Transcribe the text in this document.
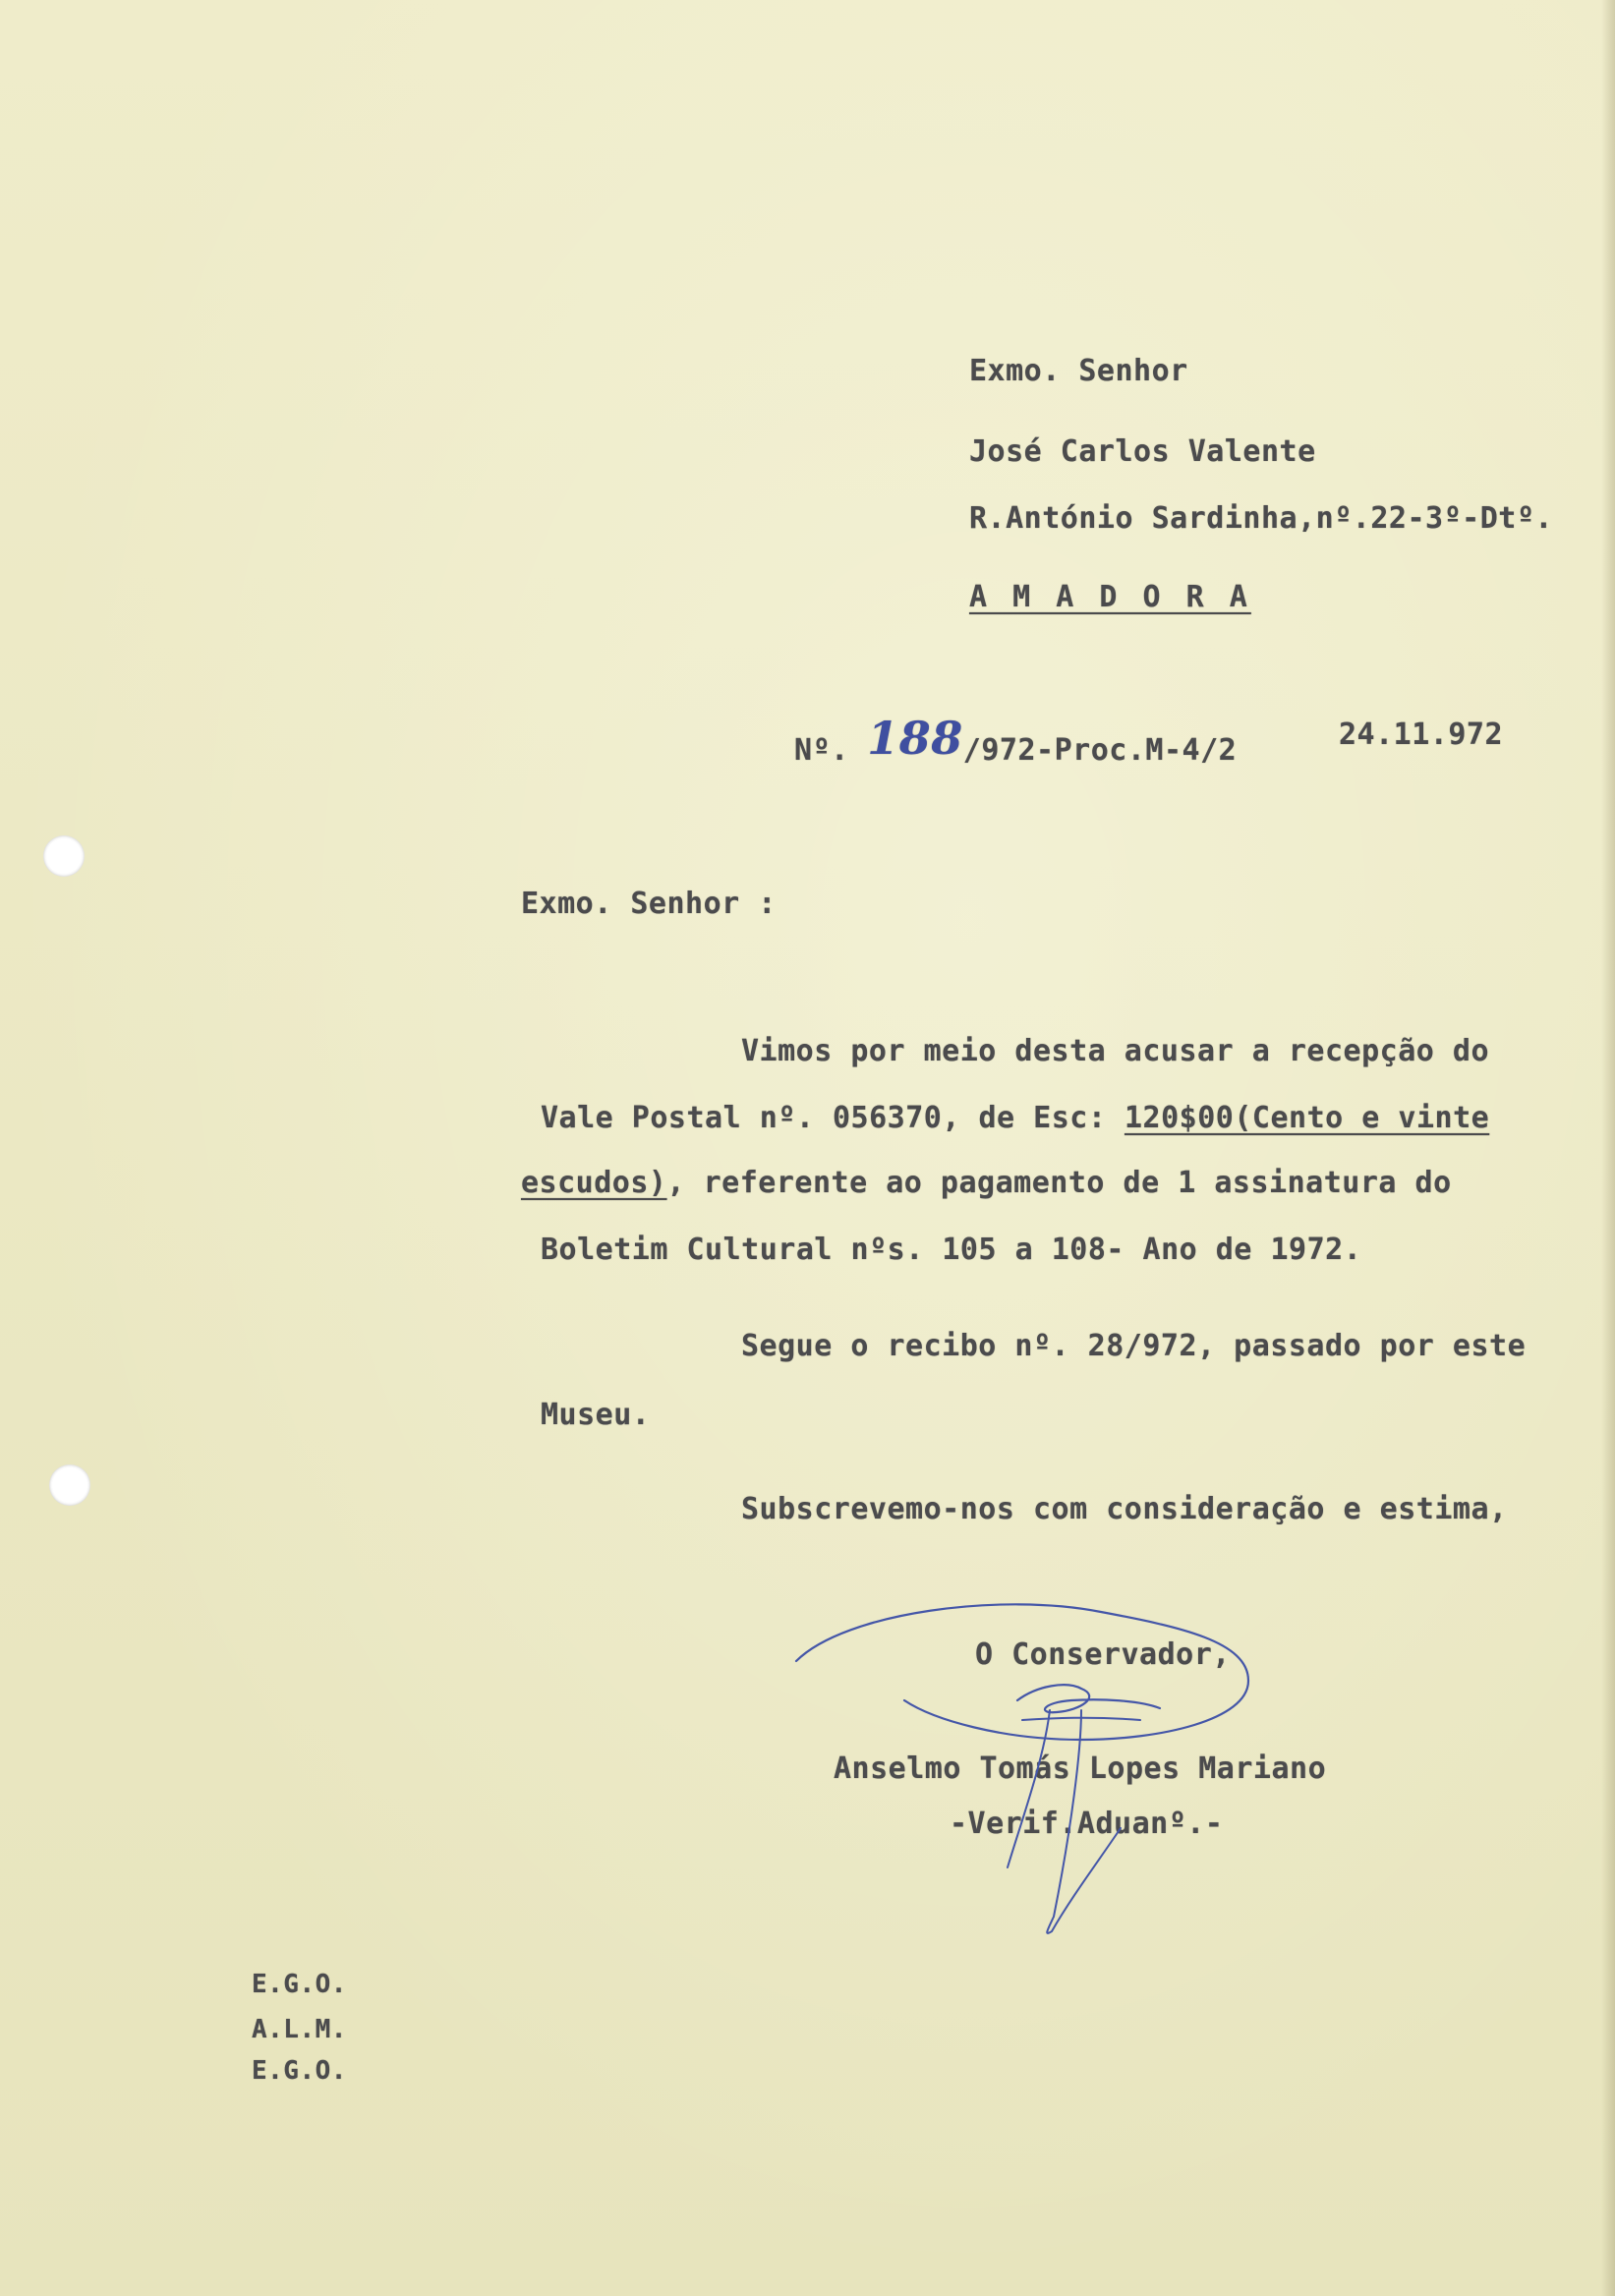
Exmo. Senhor
José Carlos Valente
R.António Sardinha,nº.22-3º-Dtº.
A M A D O R A
Nº. 188/972-Proc.M-4/2	24.11.972
Exmo. Senhor :
Vimos por meio desta acusar a recepção do
Vale Postal nº. 056370, de Esc: 120$00(Cento e vinte
escudos), referente ao pagamento de 1 assinatura do
Boletim Cultural nºs. 105 a 108- Ano de 1972.
Segue o recibo nº. 28/972, passado por este
Museu.
Subscrevemo-nos com consideração e estima,
O Conservador,
Anselmo Tomás Lopes Mariano
-Verif.Aduanº.-
E.G.O.
A.L.M.
E.G.O.
